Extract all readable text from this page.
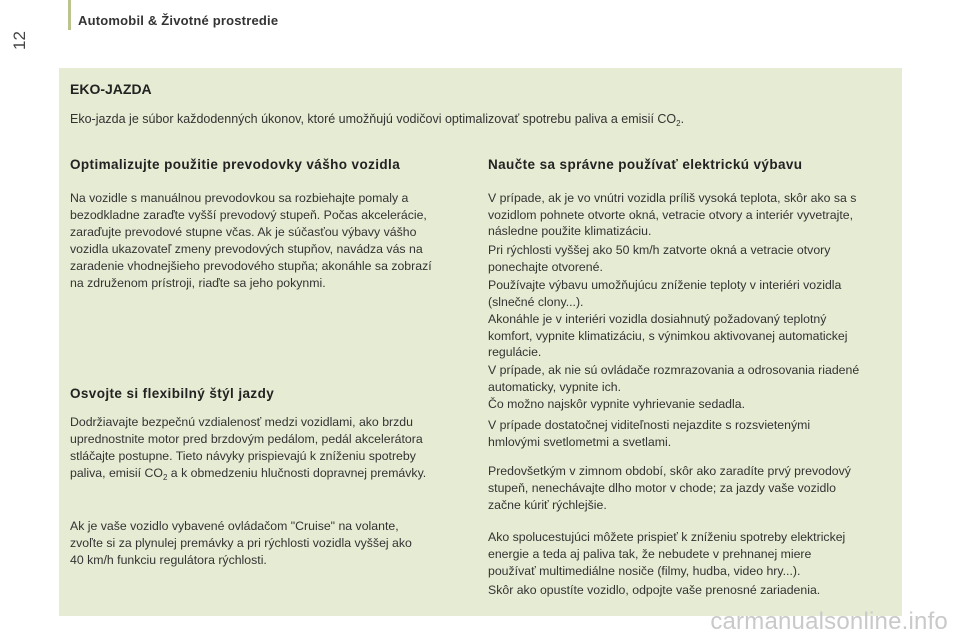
12
Automobil & Životné prostredie
EKO-JAZDA
Eko-jazda je súbor každodenných úkonov, ktoré umožňujú vodičovi optimalizovať spotrebu paliva a emisií $CO_2$.
Optimalizujte použitie prevodovky vášho vozidla
Na vozidle s manuálnou prevodovkou sa rozbiehajte pomaly a
bezodkladne zaraďte vyšší prevodový stupeň. Počas akcelerácie,
zaraďujte prevodové stupne včas. Ak je súčasťou výbavy vášho
vozidla ukazovateľ zmeny prevodových stupňov, navádza vás na
zaradenie vhodnejšieho prevodového stupňa; akonáhle sa zobrazí
na združenom prístroji, riaďte sa jeho pokynmi.
Osvojte si flexibilný štýl jazdy
Dodržiavajte bezpečnú vzdialenosť medzi vozidlami, ako brzdu
uprednostnite motor pred brzdovým pedálom, pedál akcelerátora
stláčajte postupne. Tieto návyky prispievajú k zníženiu spotreby
paliva, emisií $CO_2$ a k obmedzeniu hlučnosti dopravnej premávky.
Ak je vaše vozidlo vybavené ovládačom "Cruise" na volante,
zvoľte si za plynulej premávky a pri rýchlosti vozidla vyššej ako
40 km/h funkciu regulátora rýchlosti.
Naučte sa správne používať elektrickú výbavu
V prípade, ak je vo vnútri vozidla príliš vysoká teplota, skôr ako sa s
vozidlom pohnete otvorte okná, vetracie otvory a interiér vyvetrajte,
následne použite klimatizáciu.
Pri rýchlosti vyššej ako 50 km/h zatvorte okná a vetracie otvory
ponechajte otvorené.
Používajte výbavu umožňujúcu zníženie teploty v interiéri vozidla
(slnečné clony...).
Akonáhle je v interiéri vozidla dosiahnutý požadovaný teplotný
komfort, vypnite klimatizáciu, s výnimkou aktivovanej automatickej
regulácie.
V prípade, ak nie sú ovládače rozmrazovania a odrosovania riadené
automaticky, vypnite ich.
Čo možno najskôr vypnite vyhrievanie sedadla.
V prípade dostatočnej viditeľnosti nejazdite s rozsvietenými
hmlovými svetlometmi a svetlami.
Predovšetkým v zimnom období, skôr ako zaradíte prvý prevodový
stupeň, nenechávajte dlho motor v chode; za jazdy vaše vozidlo
začne kúriť rýchlejšie.
Ako spolucestujúci môžete prispieť k zníženiu spotreby elektrickej
energie a teda aj paliva tak, že nebudete v prehnanej miere
používať multimediálne nosiče (filmy, hudba, video hry...).
Skôr ako opustíte vozidlo, odpojte vaše prenosné zariadenia.
carmanualsonline.info
